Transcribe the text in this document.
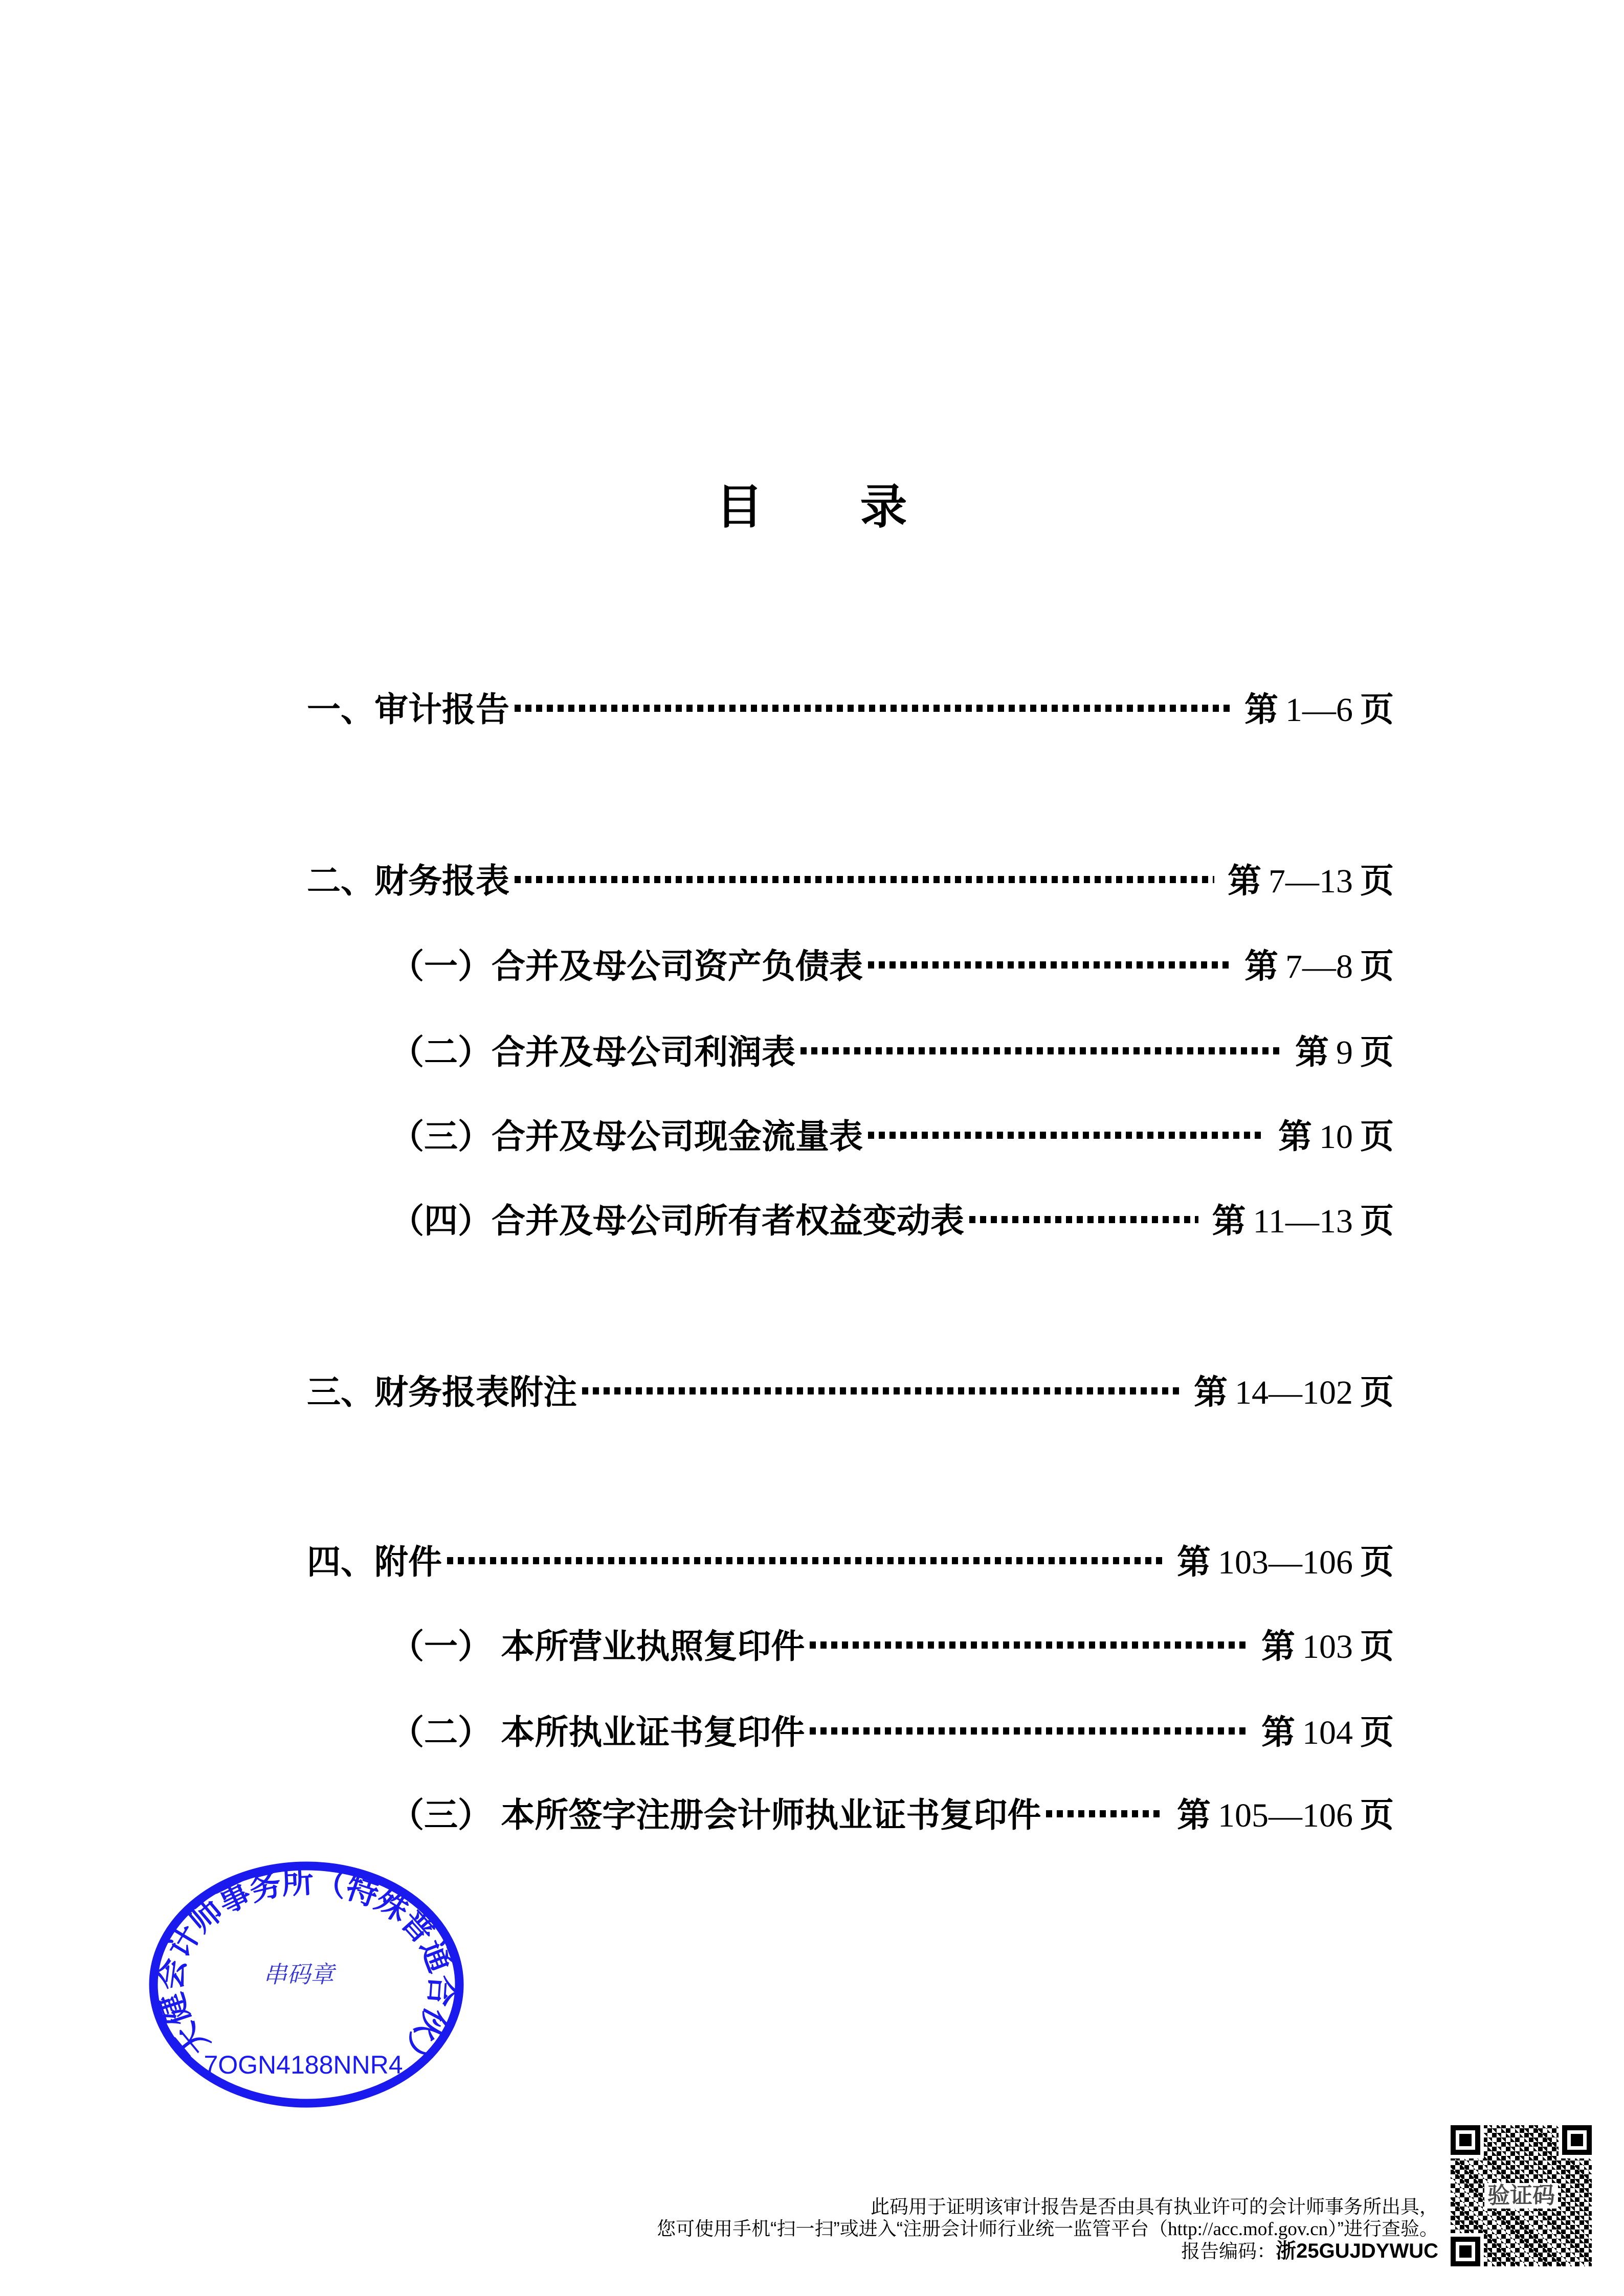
目　　录
一、审计报告	第 1—6 页
二、财务报表	第 7—13 页
（一）合并及母公司资产负债表	第 7—8 页
（二）合并及母公司利润表	第 9 页
（三）合并及母公司现金流量表	第 10 页
（四）合并及母公司所有者权益变动表	第 11—13 页
三、财务报表附注	第 14—102 页
四、附件	第 103—106 页
（一） 本所营业执照复印件	第 103 页
（二） 本所执业证书复印件	第 104 页
（三） 本所签字注册会计师执业证书复印件	第 105—106 页
天健会计师事务所（特殊普通合伙）
串码章
7OGN4188NNR4
验证码
此码用于证明该审计报告是否由具有执业许可的会计师事务所出具，
您可使用手机“扫一扫”或进入“注册会计师行业统一监管平台（http://acc.mof.gov.cn）”进行查验。
报告编码：浙25GUJDYWUC
